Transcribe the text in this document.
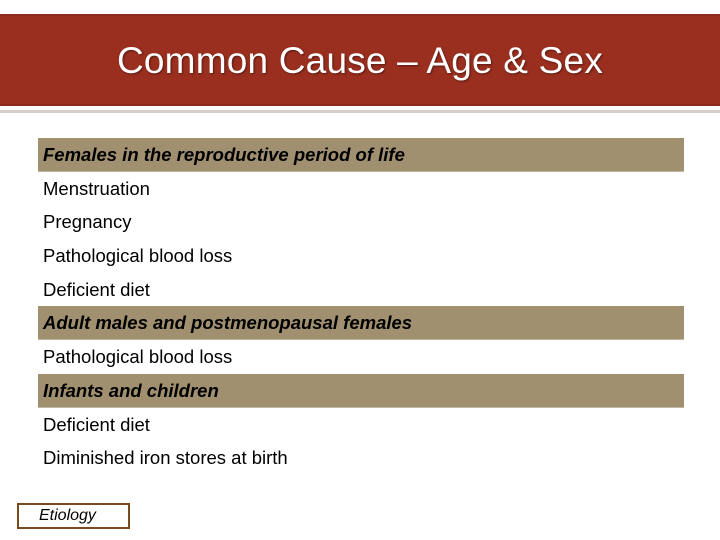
Common Cause – Age & Sex
Females in the reproductive period of life
Menstruation
Pregnancy
Pathological blood loss
Deficient diet
Adult males and postmenopausal females
Pathological blood loss
Infants and children
Deficient diet
Diminished iron stores at birth
Etiology
